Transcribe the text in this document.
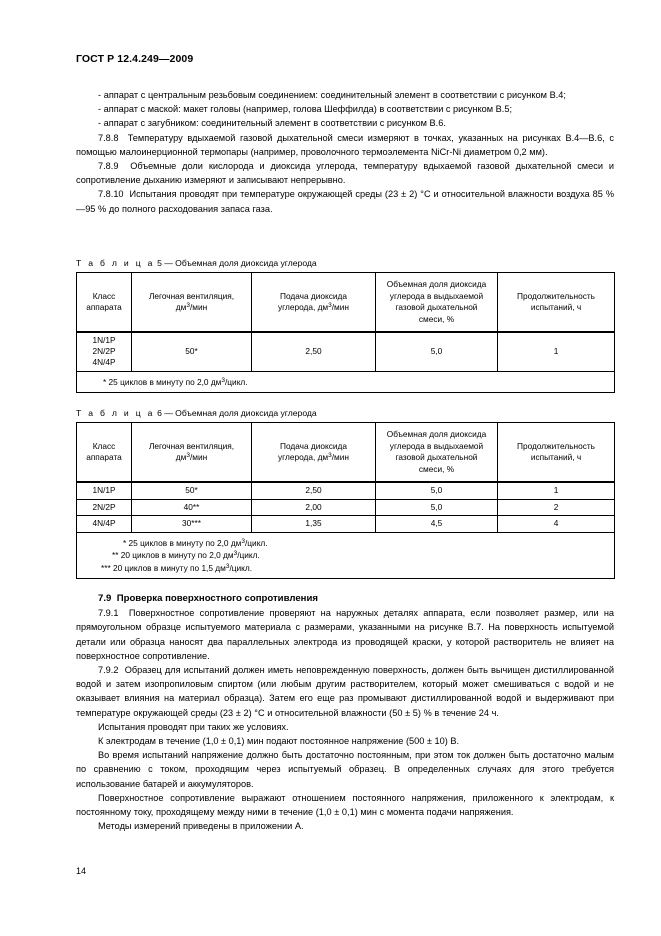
ГОСТ Р 12.4.249—2009

- аппарат с центральным резьбовым соединением: соединительный элемент в соответствии с рисунком В.4;

- аппарат с маской: макет головы (например, голова Шеффилда) в соответствии с рисунком В.5;

- аппарат с загубником: соединительный элемент в соответствии с рисунком В.6.

7.8.8 Температуру вдыхаемой газовой дыхательной смеси измеряют в точках, указанных на рисунках В.4—В.6, с помощью малоинерционной термопары (например, проволочного термоэлемента NiCr-Ni диаметром 0,2 мм).

7.8.9 Объемные доли кислорода и диоксида углерода, температуру вдыхаемой газовой дыхательной смеси и сопротивление дыханию измеряют и записывают непрерывно.

7.8.10 Испытания проводят при температуре окружающей среды (23 ± 2) °С и относительной влажности воздуха 85 %—95 % до полного расходования запаса газа.

Т а б л и ц а 5— Объемная доля диоксида углерода
Класс
аппарата	Легочная вентиляция,
$дм^3$/мин	Подача диоксида
углерода, $дм^3$/мин	Объемная доля диоксида
углерода в выдыхаемой
газовой дыхательной
смеси, %	Продолжительность
испытаний, ч
1N/1P
2N/2P
4N/4P	50*	2,50	5,0	1
* 25 циклов в минуту по 2,0 $дм^3$/цикл.				
Т а б л и ц а 6— Объемная доля диоксида углерода
Класс
аппарата	Легочная вентиляция,
$дм^3$/мин	Подача диоксида
углерода, $дм^3$/мин	Объемная доля диоксида
углерода в выдыхаемой
газовой дыхательной
смеси, %	Продолжительность
испытаний, ч
1N/1P	50*	2,50	5,0	1
2N/2P	40**	2,00	5,0	2
4N/4P	30***	1,35	4,5	4

* 25 циклов в минуту по 2,0 $дм^3$/цикл.
** 20 циклов в минуту по 2,0 $дм^3$/цикл.
*** 20 циклов в минуту по 1,5 $дм^3$/цикл.				

7.9 Проверка поверхностного сопротивления

7.9.1 Поверхностное сопротивление проверяют на наружных деталях аппарата, если позволяет размер, или на прямоугольном образце испытуемого материала с размерами, указанными на рисунке В.7. На поверхность испытуемой детали или образца наносят два параллельных электрода из проводящей краски, у которой растворитель не влияет на поверхностное сопротивление.

7.9.2 Образец для испытаний должен иметь неповрежденную поверхность, должен быть вычищен дистиллированной водой и затем изопропиловым спиртом (или любым другим растворителем, который может смешиваться с водой и не оказывает влияния на материал образца). Затем его еще раз промывают дистиллированной водой и выдерживают при температуре окружающей среды (23 ± 2) °С и относительной влажности (50 ± 5) % в течение 24 ч.

Испытания проводят при таких же условиях.

К электродам в течение (1,0 ± 0,1) мин подают постоянное напряжение (500 ± 10) В.

Во время испытаний напряжение должно быть достаточно постоянным, при этом ток должен быть достаточно малым по сравнению с током, проходящим через испытуемый образец. В определенных случаях для этого требуется использование батарей и аккумуляторов.

Поверхностное сопротивление выражают отношением постоянного напряжения, приложенного к электродам, к постоянному току, проходящему между ними в течение (1,0 ± 0,1) мин с момента подачи напряжения.

Методы измерений приведены в приложении А.

14
